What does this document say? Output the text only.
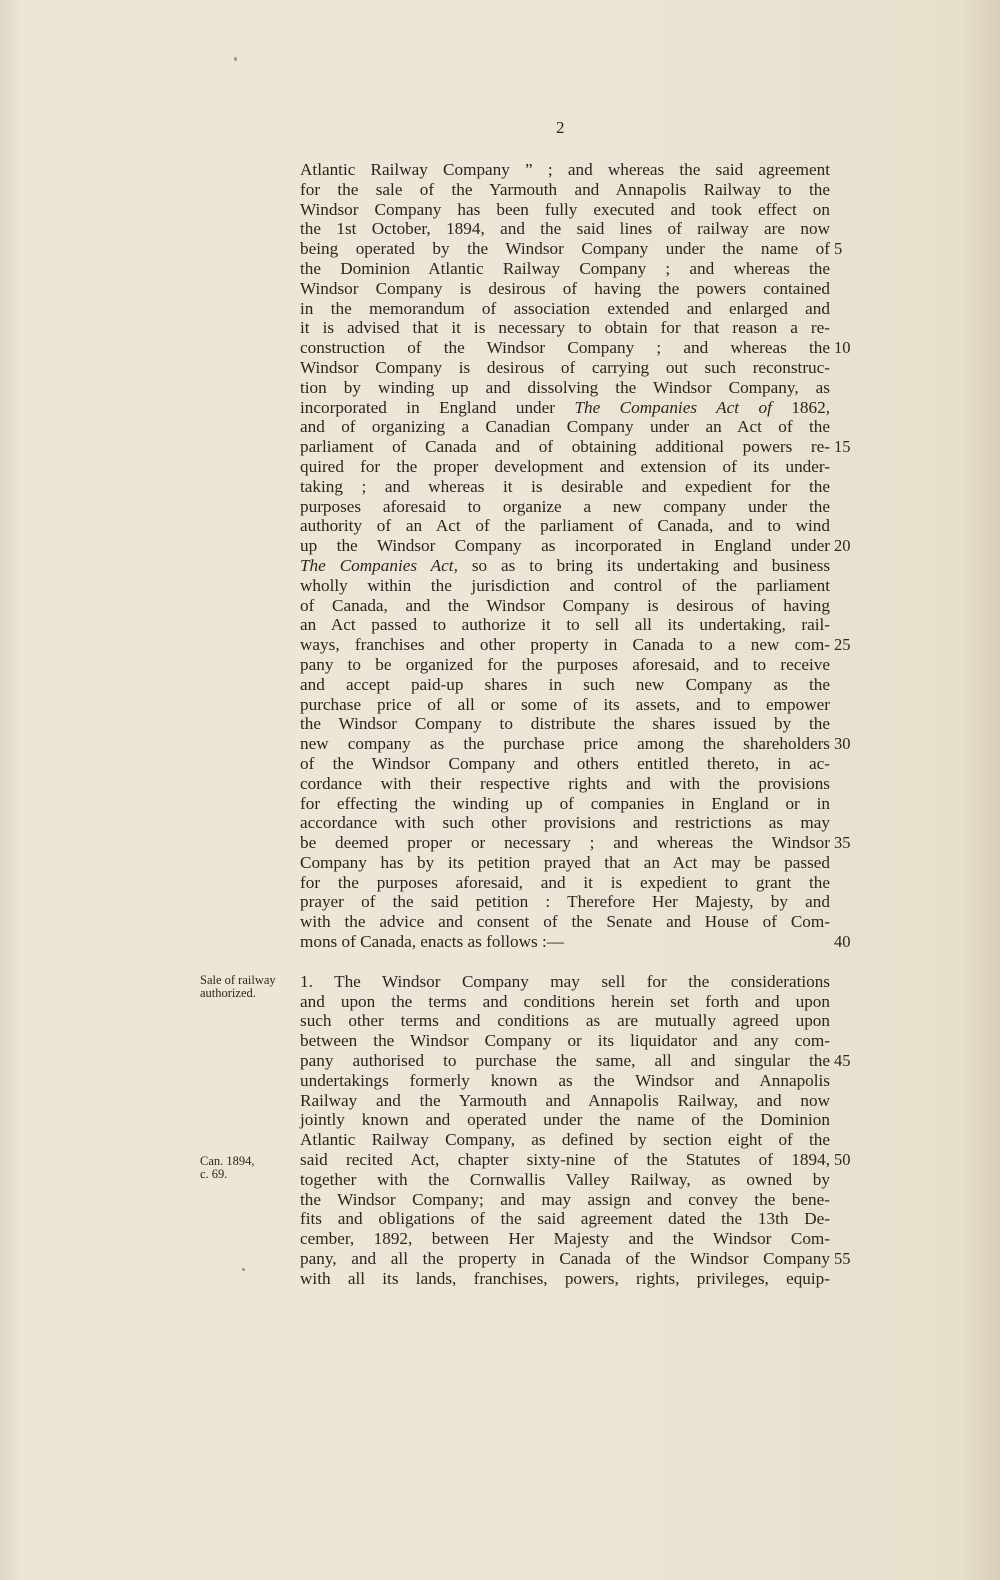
2
Atlantic Railway Company ” ; and whereas the said agreement
for the sale of the Yarmouth and Annapolis Railway to the
Windsor Company has been fully executed and took effect on
the 1st October, 1894, and the said lines of railway are now
being operated by the Windsor Company under the name of
the Dominion Atlantic Railway Company ; and whereas the
Windsor Company is desirous of having the powers contained
in the memorandum of association extended and enlarged and
it is advised that it is necessary to obtain for that reason a re-
construction of the Windsor Company ; and whereas the
Windsor Company is desirous of carrying out such reconstruc-
tion by winding up and dissolving the Windsor Company, as
incorporated in England under The Companies Act of 1862,
and of organizing a Canadian Company under an Act of the
parliament of Canada and of obtaining additional powers re-
quired for the proper development and extension of its under-
taking ; and whereas it is desirable and expedient for the
purposes aforesaid to organize a new company under the
authority of an Act of the parliament of Canada, and to wind
up the Windsor Company as incorporated in England under
The Companies Act, so as to bring its undertaking and business
wholly within the jurisdiction and control of the parliament
of Canada, and the Windsor Company is desirous of having
an Act passed to authorize it to sell all its undertaking, rail-
ways, franchises and other property in Canada to a new com-
pany to be organized for the purposes aforesaid, and to receive
and accept paid-up shares in such new Company as the
purchase price of all or some of its assets, and to empower
the Windsor Company to distribute the shares issued by the
new company as the purchase price among the shareholders
of the Windsor Company and others entitled thereto, in ac-
cordance with their respective rights and with the provisions
for effecting the winding up of companies in England or in
accordance with such other provisions and restrictions as may
be deemed proper or necessary ; and whereas the Windsor
Company has by its petition prayed that an Act may be passed
for the purposes aforesaid, and it is expedient to grant the
prayer of the said petition : Therefore Her Majesty, by and
with the advice and consent of the Senate and House of Com-
mons of Canada, enacts as follows :—
1. The Windsor Company may sell for the considerations
and upon the terms and conditions herein set forth and upon
such other terms and conditions as are mutually agreed upon
between the Windsor Company or its liquidator and any com-
pany authorised to purchase the same, all and singular the
undertakings formerly known as the Windsor and Annapolis
Railway and the Yarmouth and Annapolis Railway, and now
jointly known and operated under the name of the Dominion
Atlantic Railway Company, as defined by section eight of the
said recited Act, chapter sixty-nine of the Statutes of 1894,
together with the Cornwallis Valley Railway, as owned by
the Windsor Company; and may assign and convey the bene-
fits and obligations of the said agreement dated the 13th De-
cember, 1892, between Her Majesty and the Windsor Com-
pany, and all the property in Canada of the Windsor Company
with all its lands, franchises, powers, rights, privileges, equip-
5
10
15
20
25
30
35
40
45
50
55
Sale of railway
authorized.
Can. 1894,
c. 69.
